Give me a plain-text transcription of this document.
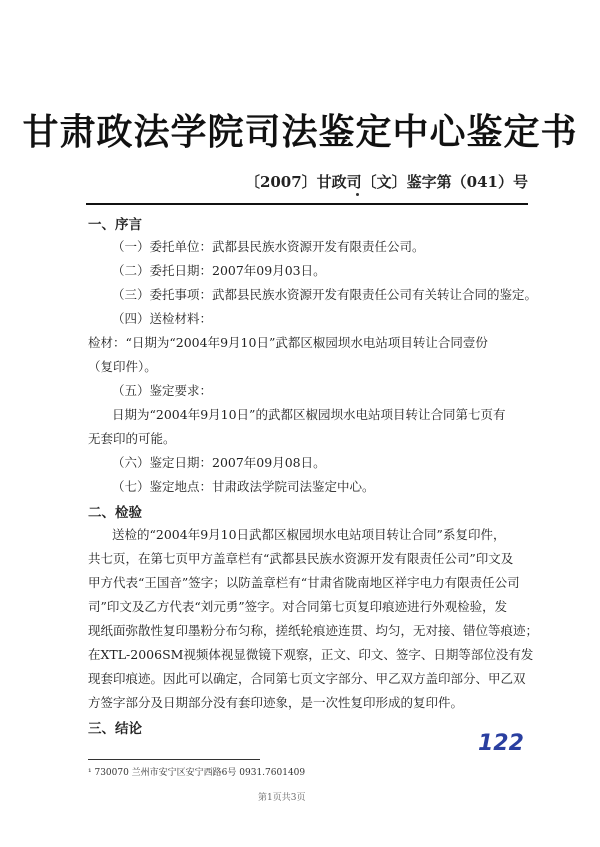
甘肃政法学院司法鉴定中心鉴定书
〔2007〕甘政司〔文〕鉴字第（041）号
一、序言
（一）委托单位：武都县民族水资源开发有限责任公司。
（二）委托日期：2007年09月03日。
（三）委托事项：武都县民族水资源开发有限责任公司有关转让合同的鉴定。
（四）送检材料：
检材：“日期为“2004年9月10日”武都区椒园坝水电站项目转让合同壹份
（复印件）。
（五）鉴定要求：
日期为“2004年9月10日”的武都区椒园坝水电站项目转让合同第七页有
无套印的可能。
（六）鉴定日期：2007年09月08日。
（七）鉴定地点：甘肃政法学院司法鉴定中心。
二、检验
送检的“2004年9月10日武都区椒园坝水电站项目转让合同”系复印件，
共七页，在第七页甲方盖章栏有“武都县民族水资源开发有限责任公司”印文及
甲方代表“王国音”签字；以防盖章栏有“甘肃省陇南地区祥宇电力有限责任公司
司”印文及乙方代表“刘元勇”签字。对合同第七页复印痕迹进行外观检验，发
现纸面弥散性复印墨粉分布匀称，搓纸轮痕迹连贯、均匀，无对接、错位等痕迹；
在XTL-2006SM视频体视显微镜下观察，正文、印文、签字、日期等部位没有发
现套印痕迹。因此可以确定，合同第七页文字部分、甲乙双方盖印部分、甲乙双
方签字部分及日期部分没有套印迹象，是一次性复印形成的复印件。
三、结论
122
¹ 730070 兰州市安宁区安宁西路6号 0931.7601409
第1页共3页
